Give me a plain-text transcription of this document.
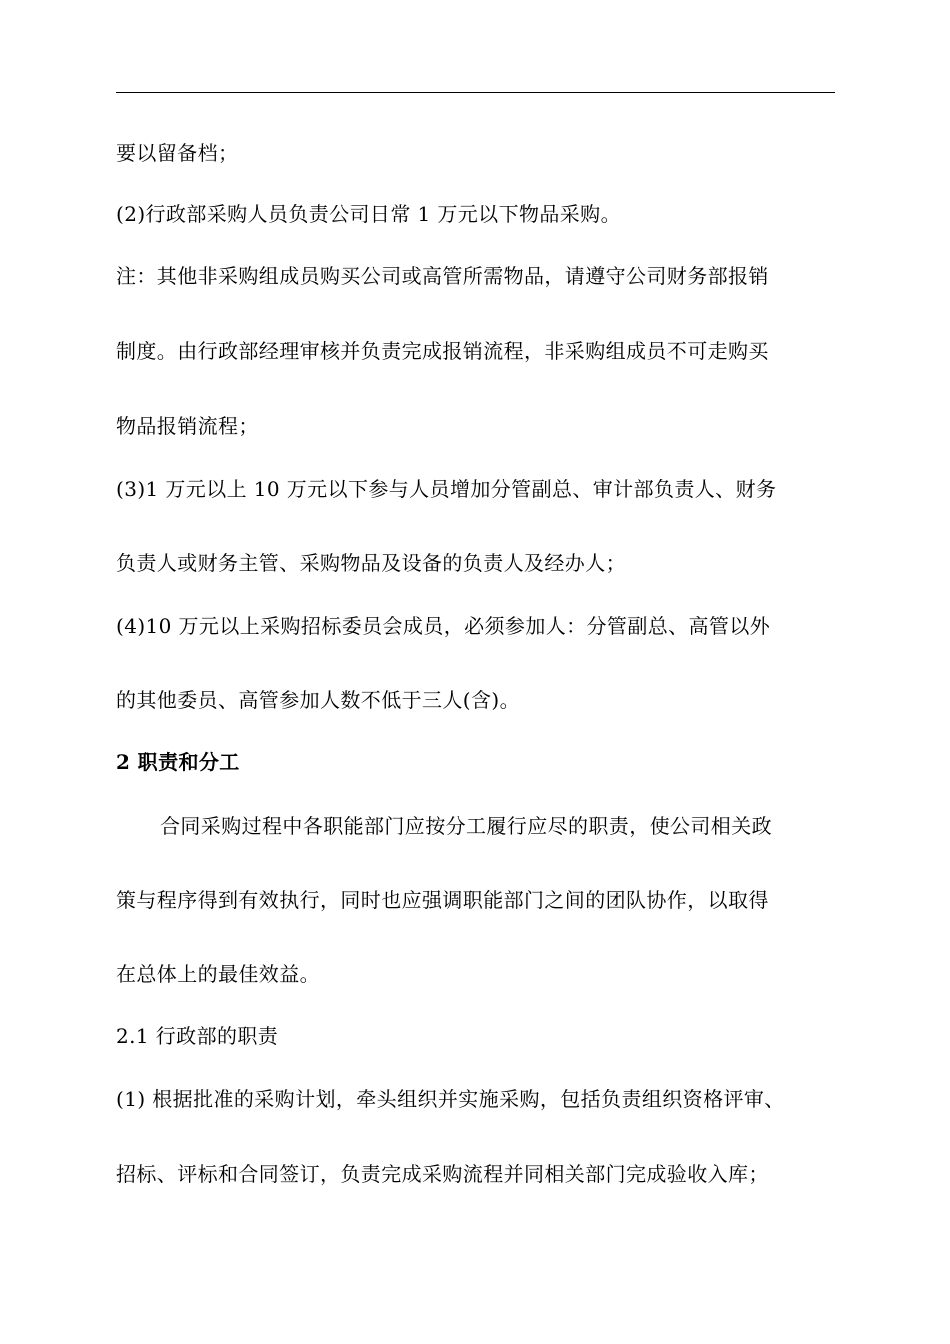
要以留备档；
(2)行政部采购人员负责公司日常 1 万元以下物品采购。
注：其他非采购组成员购买公司或高管所需物品，请遵守公司财务部报销
制度。由行政部经理审核并负责完成报销流程，非采购组成员不可走购买
物品报销流程；
(3)1 万元以上 10 万元以下参与人员增加分管副总、审计部负责人、财务
负责人或财务主管、采购物品及设备的负责人及经办人；
(4)10 万元以上采购招标委员会成员，必须参加人：分管副总、高管以外
的其他委员、高管参加人数不低于三人(含)。
2 职责和分工
合同采购过程中各职能部门应按分工履行应尽的职责，使公司相关政
策与程序得到有效执行，同时也应强调职能部门之间的团队协作，以取得
在总体上的最佳效益。
2.1 行政部的职责
(1) 根据批准的采购计划，牵头组织并实施采购，包括负责组织资格评审、
招标、评标和合同签订，负责完成采购流程并同相关部门完成验收入库；
